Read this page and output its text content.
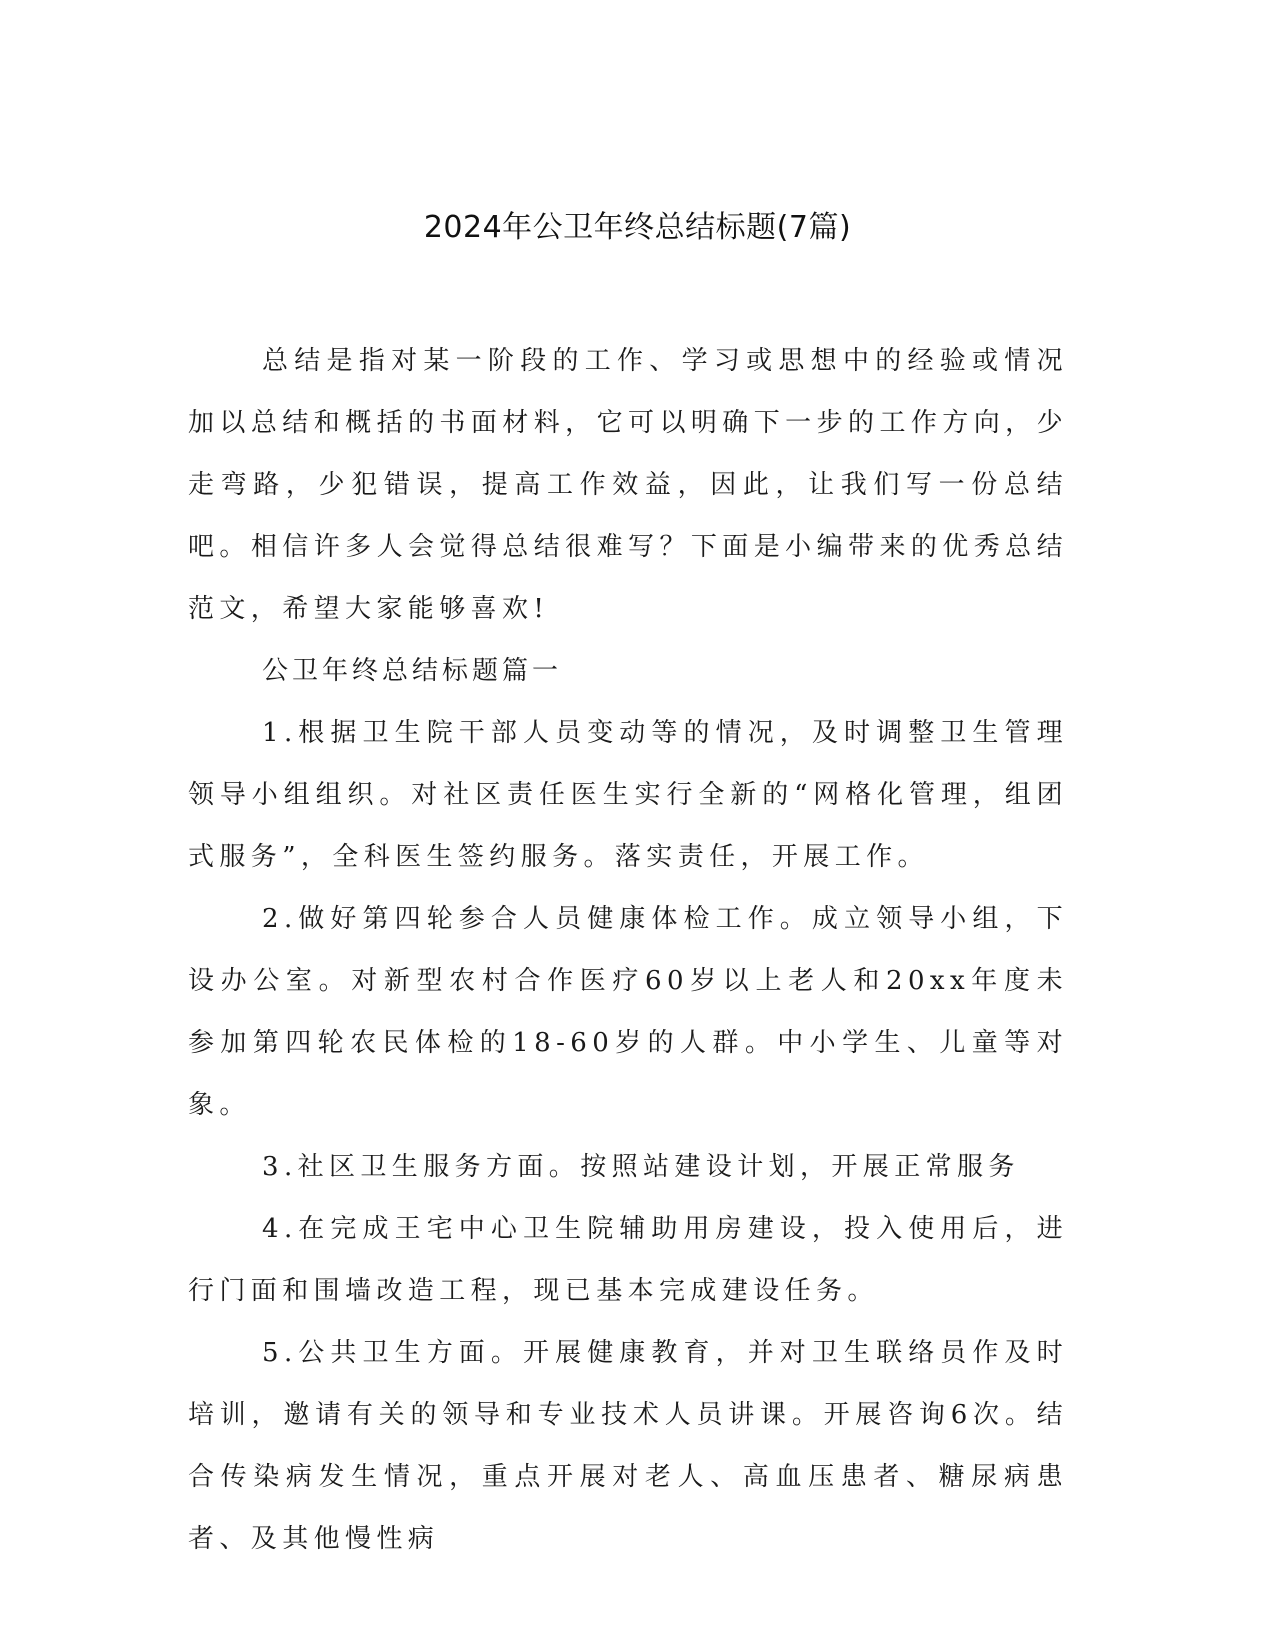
2024年公卫年终总结标题(7篇)

总结是指对某一阶段的工作、学习或思想中的经验或情况加以总结和概括的书面材料，它可以明确下一步的工作方向，少走弯路，少犯错误，提高工作效益，因此，让我们写一份总结吧。相信许多人会觉得总结很难写？下面是小编带来的优秀总结范文，希望大家能够喜欢!

公卫年终总结标题篇一

1.根据卫生院干部人员变动等的情况，及时调整卫生管理领导小组组织。对社区责任医生实行全新的“网格化管理，组团式服务”，全科医生签约服务。落实责任，开展工作。

2.做好第四轮参合人员健康体检工作。成立领导小组，下设办公室。对新型农村合作医疗60岁以上老人和20xx年度未参加第四轮农民体检的18-60岁的人群。中小学生、儿童等对象。

3.社区卫生服务方面。按照站建设计划，开展正常服务

4.在完成王宅中心卫生院辅助用房建设，投入使用后，进行门面和围墙改造工程，现已基本完成建设任务。

5.公共卫生方面。开展健康教育，并对卫生联络员作及时培训，邀请有关的领导和专业技术人员讲课。开展咨询6次。结合传染病发生情况，重点开展对老人、高血压患者、糖尿病患者、及其他慢性病
